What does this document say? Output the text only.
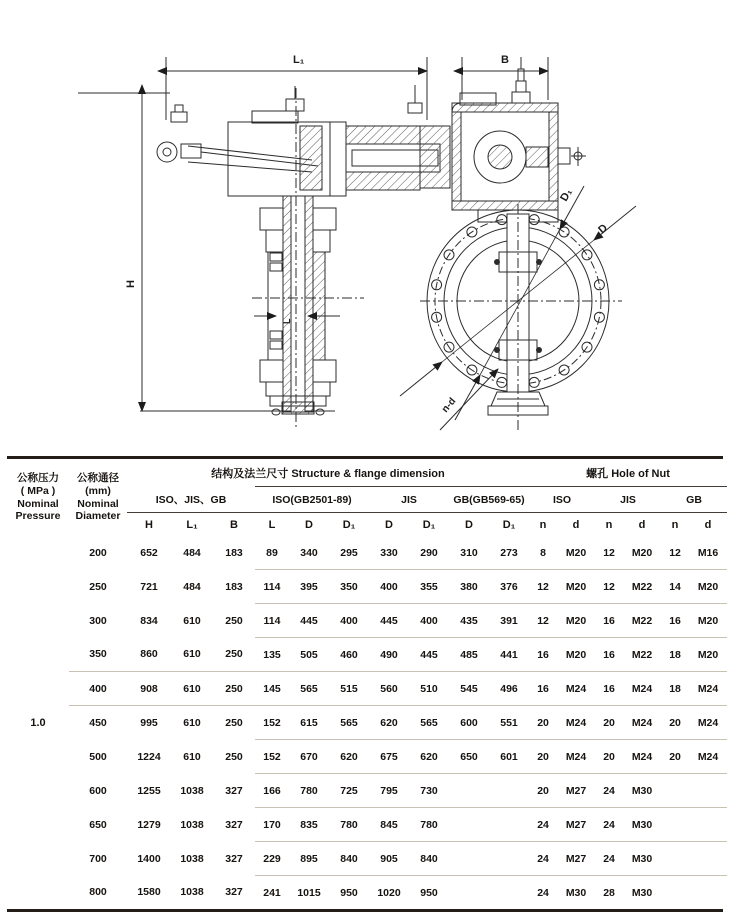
L₁
H
L
B
D
D₁
n-d
公称压力
( MPa )
Nominal
Pressure

公称通径
(mm)
Nominal
Diameter
	结构及法兰尺寸 Structure & flange dimension	螺孔 Hole of Nut
		ISO、JIS、GB			ISO(GB2501-89)			JIS		GB(GB569-65)		ISO		JIS		GB	
		H	L₁	B	L	D	D₁	D	D₁	D	D₁	n	d	n	d	n	d
1.0	200	652	484	183	89	340	295	330	290	310	273	8	M20	12	M20	12	M16
	250	721	484	183	114	395	350	400	355	380	376	12	M20	12	M22	14	M20
	300	834	610	250	114	445	400	445	400	435	391	12	M20	16	M22	16	M20
	350	860	610	250	135	505	460	490	445	485	441	16	M20	16	M22	18	M20
	400	908	610	250	145	565	515	560	510	545	496	16	M24	16	M24	18	M24
	450	995	610	250	152	615	565	620	565	600	551	20	M24	20	M24	20	M24
	500	1224	610	250	152	670	620	675	620	650	601	20	M24	20	M24	20	M24
	600	1255	1038	327	166	780	725	795	730			20	M27	24	M30		
	650	1279	1038	327	170	835	780	845	780			24	M27	24	M30		
	700	1400	1038	327	229	895	840	905	840			24	M27	24	M30		
	800	1580	1038	327	241	1015	950	1020	950			24	M30	28	M30		
